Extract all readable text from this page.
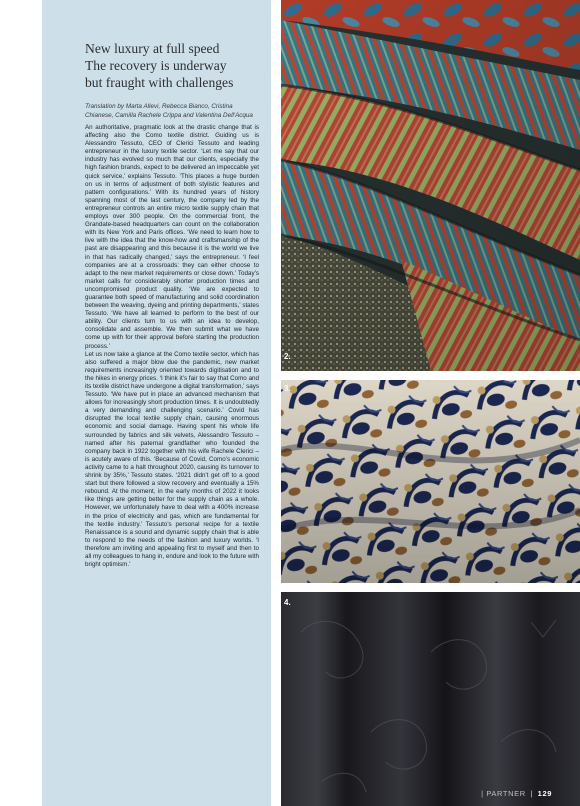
New luxury at full speed
The recovery is underway
but fraught with challenges

Translation by Marta Allevi, Rebecca Bianco, Cristina Chianese, Camilla Rachele Crippa and Valentina Dell'Acqua

An authoritative, pragmatic look at the drastic change that is affecting also the Como textile district. Guiding us is Alessandro Tessuto, CEO of Clerici Tessuto and leading entrepreneur in the luxury textile sector. ‘Let me say that our industry has evolved so much that our clients, especially the high fashion brands, expect to be delivered an impeccable yet quick service,’ explains Tessuto. ‘This places a huge burden on us in terms of adjustment of both stylistic features and pattern configurations.’ With its hundred years of history spanning most of the last century, the company led by the entrepreneur controls an entire micro textile supply chain that employs over 300 people. On the commercial front, the Grandate-based headquarters can count on the collaboration with its New York and Paris offices. ‘We need to learn how to live with the idea that the know-how and craftsmanship of the past are disappearing and this because it is the world we live in that has radically changed,’ says the entrepreneur. ‘I feel companies are at a crossroads: they can either choose to adapt to the new market requirements or close down.’ Today’s market calls for considerably shorter production times and uncompromised product quality. ‘We are expected to guarantee both speed of manufacturing and solid coordination between the weaving, dyeing and printing departments,’ states Tessuto. ‘We have all learned to perform to the best of our ability. Our clients turn to us with an idea to develop, consolidate and assemble. We then submit what we have come up with for their approval before starting the production process.’
Let us now take a glance at the Como textile sector, which has also suffered a major blow due the pandemic, new market requirements increasingly oriented towards digitisation and to the hikes in energy prices. ‘I think it’s fair to say that Como and its textile district have undergone a digital transformation,’ says Tessuto. ‘We have put in place an advanced mechanism that allows for increasingly short production times. It is undoubtedly a very demanding and challenging scenario.’ Covid has disrupted the local textile supply chain, causing enormous economic and social damage. Having spent his whole life surrounded by fabrics and silk velvets, Alessandro Tessuto – named after his paternal grandfather who founded the company back in 1922 together with his wife Rachele Clerici – is acutely aware of this. ‘Because of Covid, Como’s economic activity came to a halt throughout 2020, causing its turnover to shrink by 35%,’ Tessuto states. ‘2021 didn’t get off to a good start but there followed a slow recovery and eventually a 15% rebound. At the moment, in the early months of 2022 it looks like things are getting better for the supply chain as a whole. However, we unfortunately have to deal with a 400% increase in the price of electricity and gas, which are fundamental for the textile industry.’ Tessuto’s personal recipe for a textile Renaissance is a sound and dynamic supply chain that is able to respond to the needs of the fashion and luxury worlds. ‘I therefore am inviting and appealing first to myself and then to all my colleagues to hang in, endure and look to the future with bright optimism.’

2.
3.
4.
| PARTNER | 129
